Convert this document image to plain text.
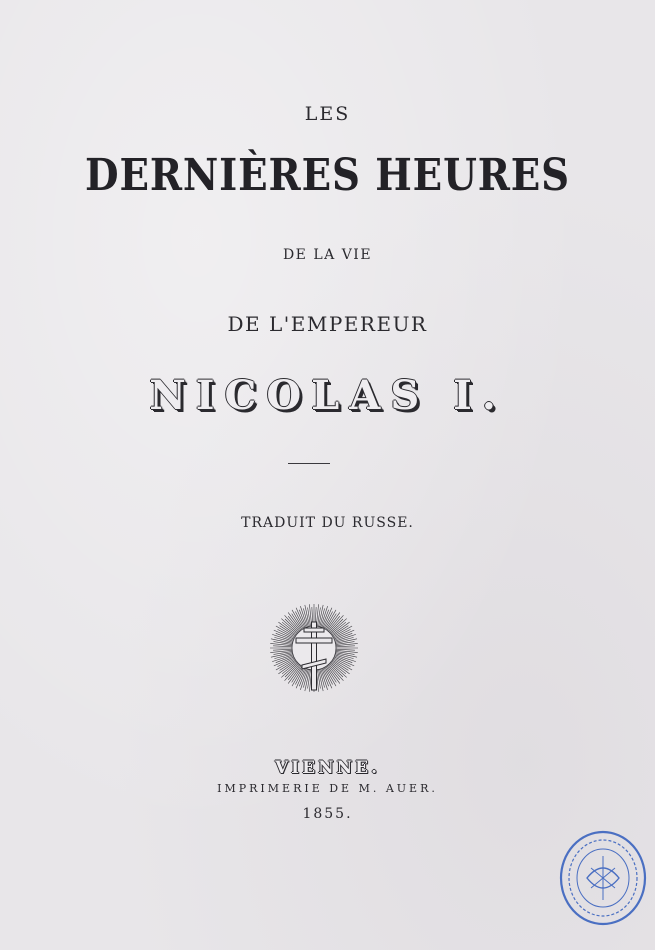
LES
DERNIÈRES HEURES
DE LA VIE
DE L'EMPEREUR
NICOLAS I.
TRADUIT DU RUSSE.
VIENNE.
IMPRIMERIE DE M. AUER.
1855.
